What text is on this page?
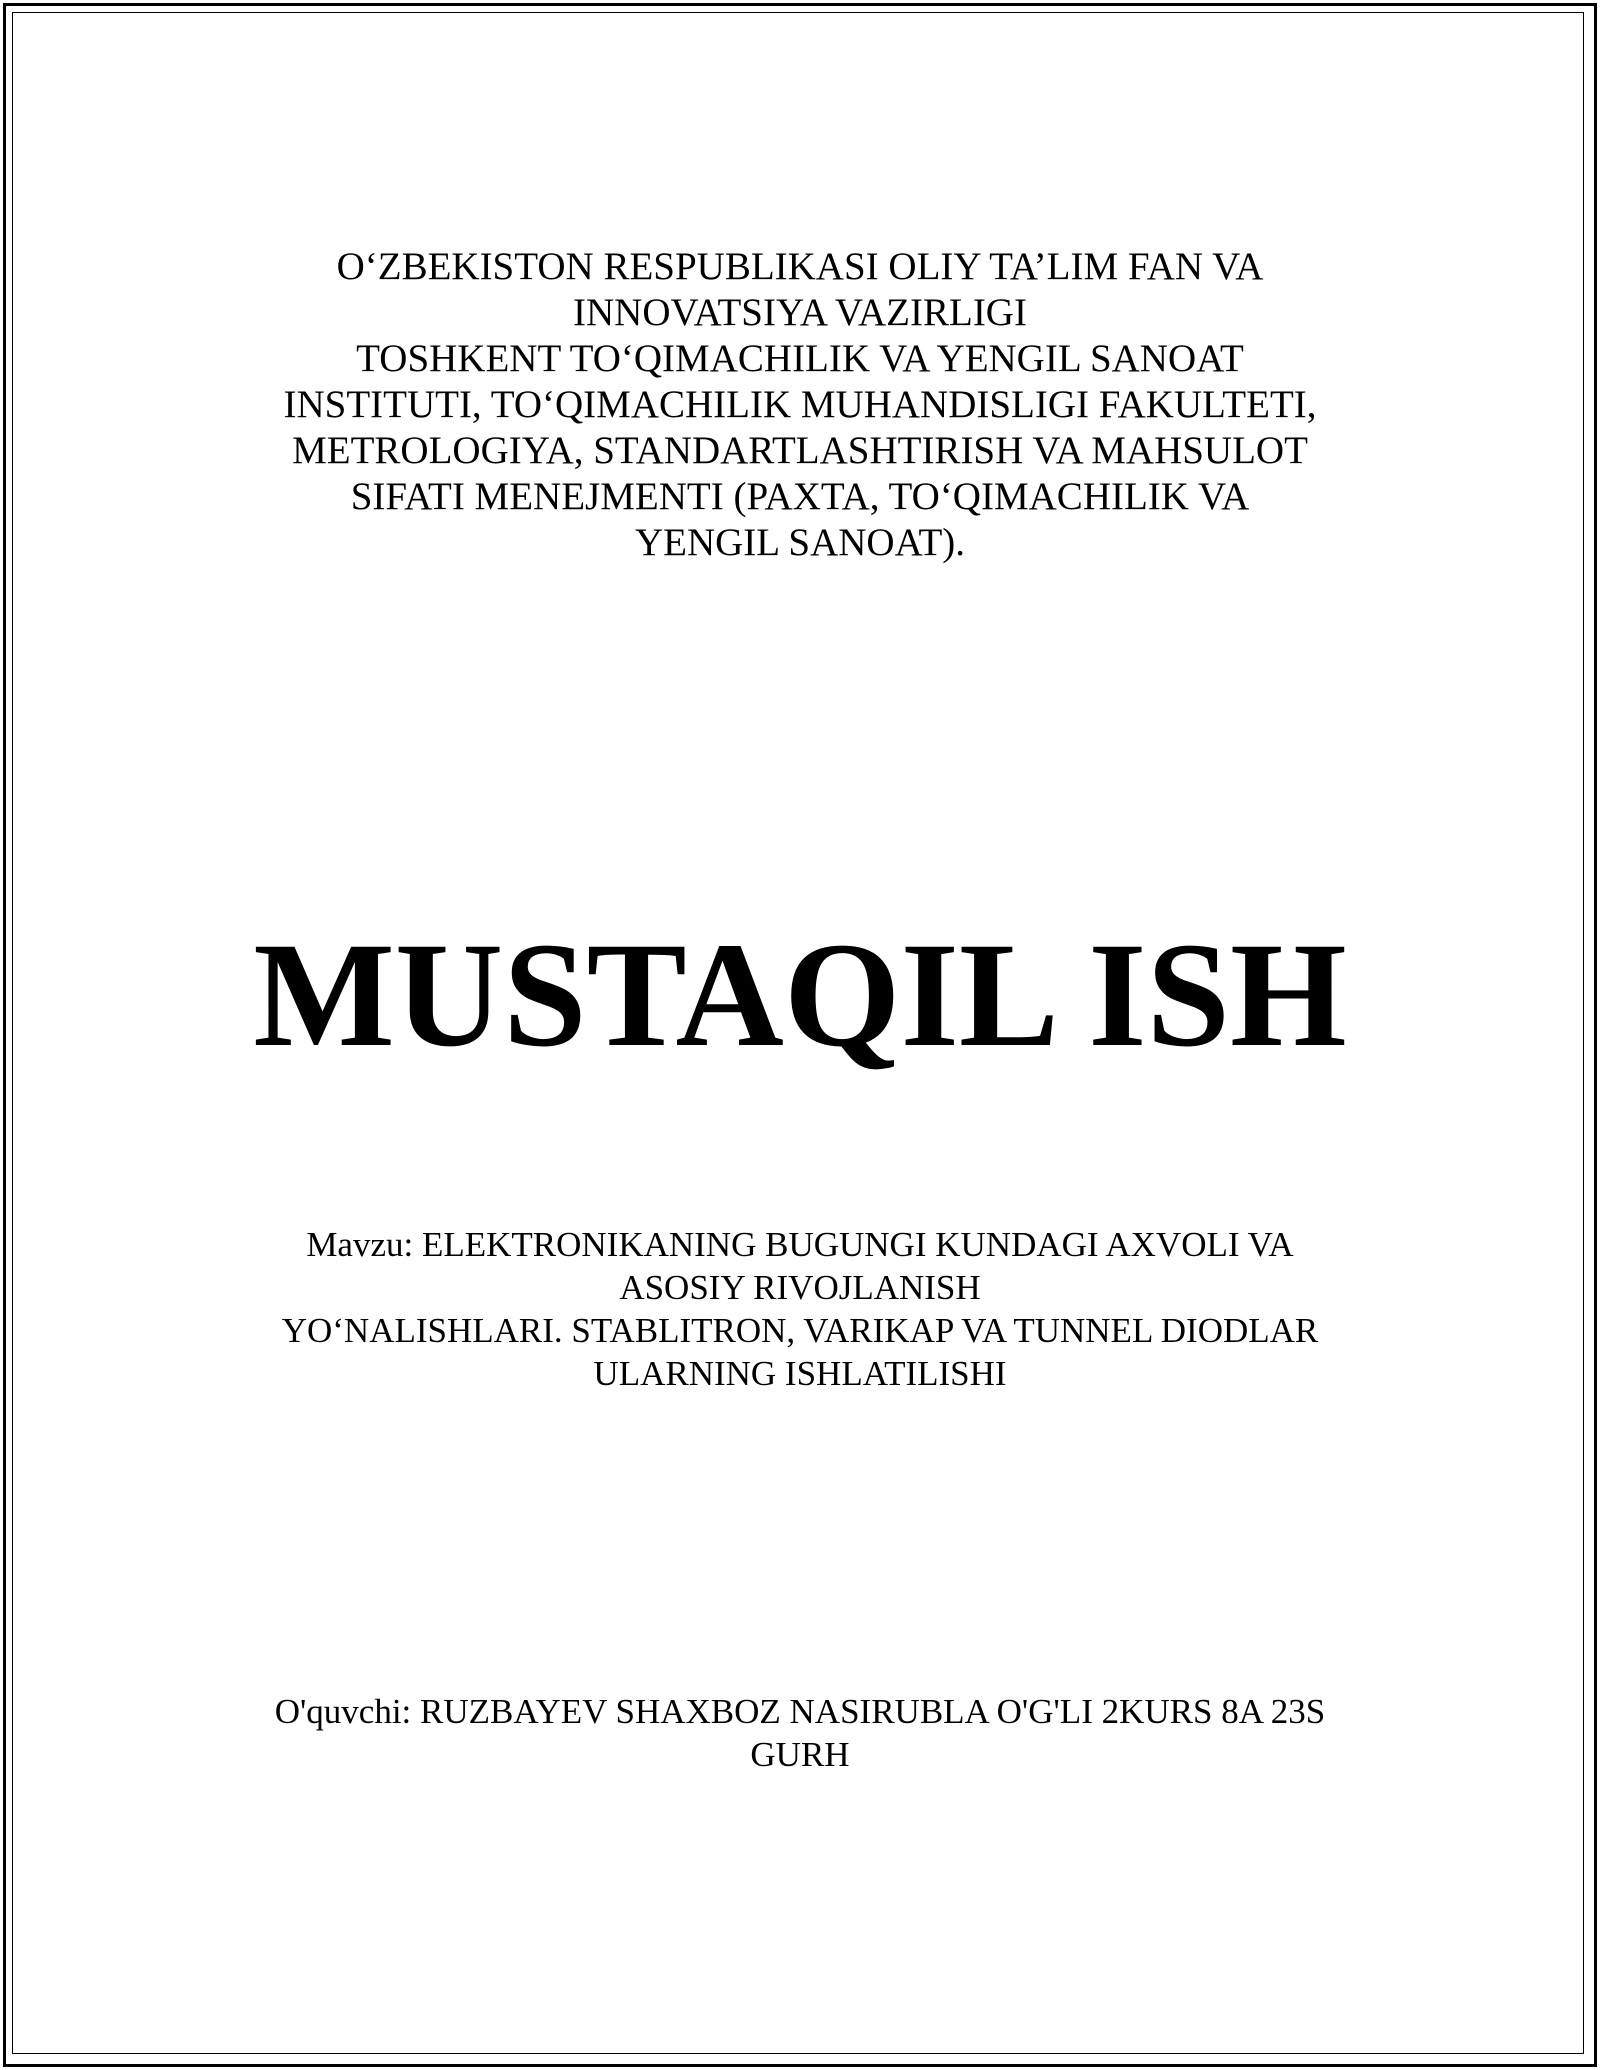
O‘ZBEKISTON RESPUBLIKASI OLIY TA’LIM FAN VA
INNOVATSIYA VAZIRLIGI
TOSHKENT TO‘QIMACHILIK VA YENGIL SANOAT
INSTITUTI, TO‘QIMACHILIK MUHANDISLIGI FAKULTETI,
METROLOGIYA, STANDARTLASHTIRISH VA MAHSULOT
SIFATI MENEJMENTI (PAXTA, TO‘QIMACHILIK VA
YENGIL SANOAT).
MUSTAQIL ISH
Mavzu: ELEKTRONIKANING BUGUNGI KUNDAGI AXVOLI VA
ASOSIY RIVOJLANISH
YO‘NALISHLARI. STABLITRON, VARIKAP VA TUNNEL DIODLAR
ULARNING ISHLATILISHI
O'quvchi: RUZBAYEV SHAXBOZ NASIRUBLA O'G'LI 2KURS 8A 23S
GURH
